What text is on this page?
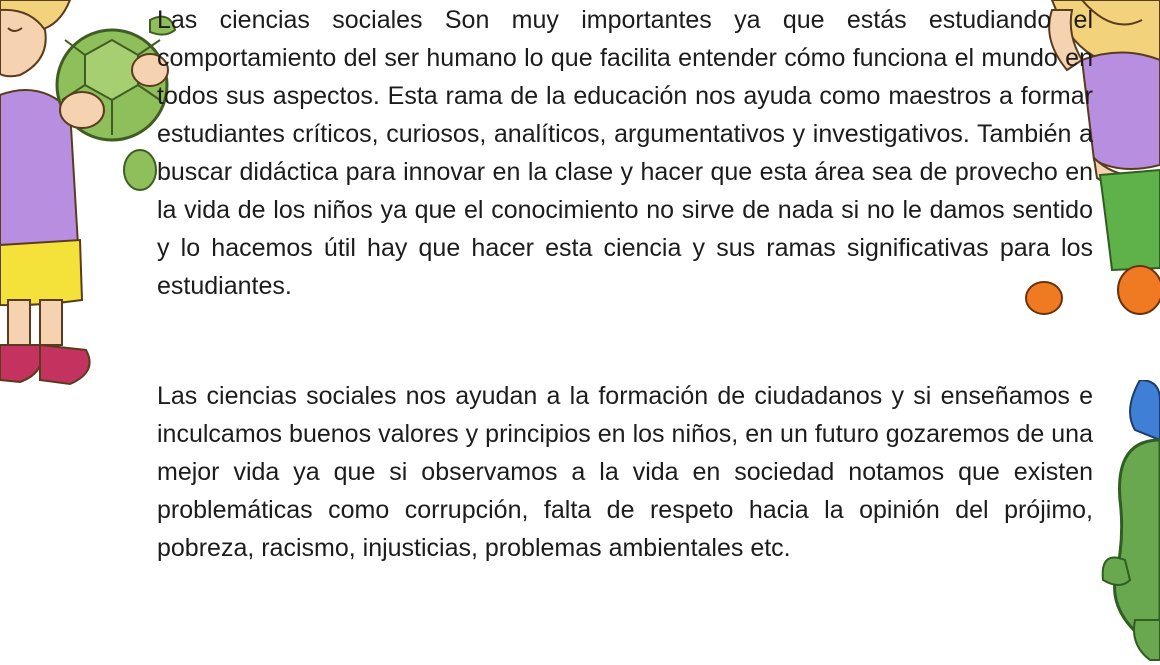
Las ciencias sociales Son muy importantes ya que estás estudiando el comportamiento del ser humano lo que facilita entender cómo funciona el mundo en todos sus aspectos. Esta rama de la educación nos ayuda como maestros a formar estudiantes críticos, curiosos, analíticos, argumentativos y investigativos. También a buscar didáctica para innovar en la clase y hacer que esta área sea de provecho en la vida de los niños ya que el conocimiento no sirve de nada si no le damos sentido y lo hacemos útil hay que hacer esta ciencia y sus ramas significativas para los estudiantes.

Las ciencias sociales nos ayudan a la formación de ciudadanos y si enseñamos e inculcamos buenos valores y principios en los niños, en un futuro gozaremos de una mejor vida ya que si observamos a la vida en sociedad notamos que existen problemáticas como corrupción, falta de respeto hacia la opinión del prójimo, pobreza, racismo, injusticias, problemas ambientales etc.
